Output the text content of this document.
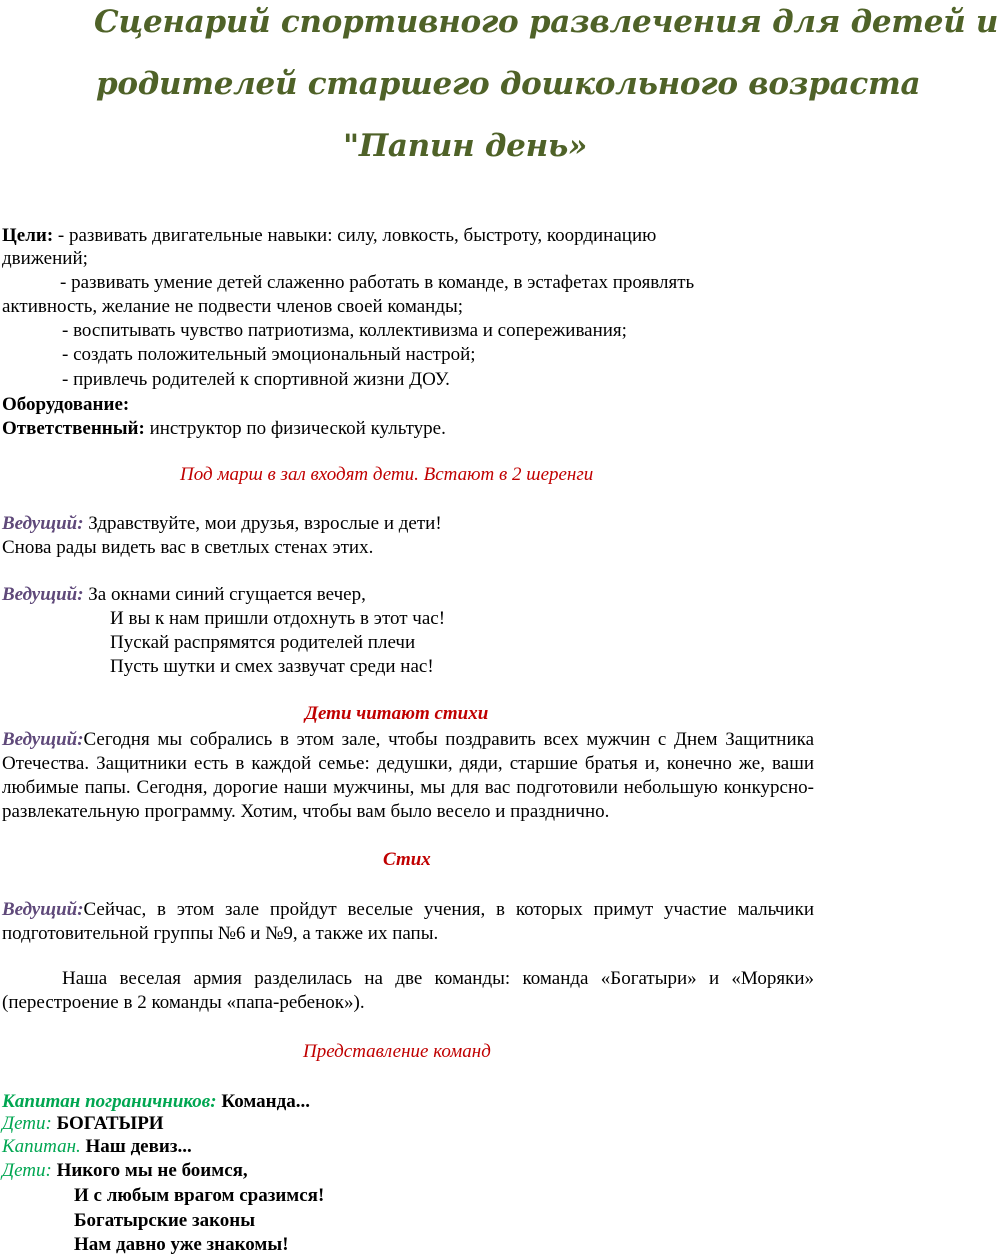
Сценарий спортивного развлечения для детей и
родителей старшего дошкольного возраста
"Папин день»
Цели: - развивать двигательные навыки: силу, ловкость, быстроту, координацию
движений;
- развивать умение детей слаженно работать в команде, в эстафетах проявлять
активность, желание не подвести членов своей команды;
- воспитывать чувство патриотизма, коллективизма и сопереживания;
- создать положительный эмоциональный настрой;
- привлечь родителей к спортивной жизни ДОУ.
Оборудование:
Ответственный: инструктор по физической культуре.
Под марш в зал входят дети. Встают в 2 шеренги
Ведущий: Здравствуйте, мои друзья, взрослые и дети!
Снова рады видеть вас в светлых стенах этих.
Ведущий: За окнами синий сгущается вечер,
И вы к нам пришли отдохнуть в этот час!
Пускай распрямятся родителей плечи
Пусть шутки и смех зазвучат среди нас!
Дети читают стихи
Ведущий:Сегодня мы собрались в этом зале, чтобы поздравить всех мужчин с Днем Защитника Отечества. Защитники есть в каждой семье: дедушки, дяди, старшие братья и, конечно же, ваши любимые папы. Сегодня, дорогие наши мужчины, мы для вас подготовили небольшую конкурсно-развлекательную программу. Хотим, чтобы вам было весело и празднично.
Стих
Ведущий:Сейчас, в этом зале пройдут веселые учения, в которых примут участие мальчики подготовительной группы №6 и №9, а также их папы.
Наша веселая армия разделилась на две команды: команда «Богатыри» и «Моряки» (перестроение в 2 команды «папа-ребенок»).
Представление команд
Капитан пограничников: Команда...
Дети: БОГАТЫРИ
Капитан. Наш девиз...
Дети: Никого мы не боимся,
И с любым врагом сразимся!
Богатырские законы
Нам давно уже знакомы!
